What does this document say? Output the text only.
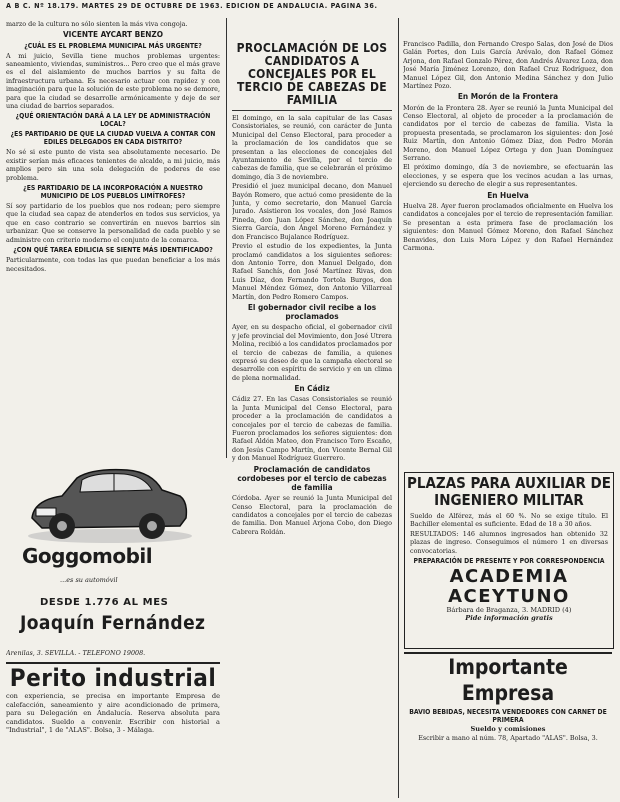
A B C. Nº 18.179. MARTES 29 DE OCTUBRE DE 1963. EDICION DE ANDALUCIA. PAGINA 36.

marzo de la cultura no sólo sienten la más viva congoja.

VICENTE AYCART BENZO
¿CUÁL ES EL PROBLEMA MUNICIPAL MÁS URGENTE?

A mi juicio, Sevilla tiene muchos problemas urgentes: saneamiento, viviendas, suministros... Pero creo que el más grave es el del aislamiento de muchos barrios y su falta de infraestructura urbana. Es necesario actuar con rapidez y con imaginación para que la solución de este problema no se demore, para que la ciudad se desarrolle armónicamente y deje de ser una ciudad de barrios separados.

¿QUÉ ORIENTACIÓN DARÁ A LA LEY DE ADMINISTRACIÓN LOCAL?
¿ES PARTIDARIO DE QUE LA CIUDAD VUELVA A CONTAR CON EDILES DELEGADOS EN CADA DISTRITO?

No sé si este punto de vista sea absolutamente necesario. De existir serían más eficaces tenientes de alcalde, a mi juicio, más amplios pero sin una sola delegación de poderes de ese problema.

¿ES PARTIDARIO DE LA INCORPORACIÓN A NUESTRO MUNICIPIO DE LOS PUEBLOS LIMÍTROFES?

Sí soy partidario de los pueblos que nos rodean; pero siempre que la ciudad sea capaz de atenderlos en todos sus servicios, ya que en caso contrario se convertirán en nuevos barrios sin urbanizar. Que se conserve la personalidad de cada pueblo y se administre con criterio moderno el conjunto de la comarca.

¿CON QUÉ TAREA EDILICIA SE SIENTE MÁS IDENTIFICADO?

Particularmente, con todas las que puedan beneficiar a los más necesitados.

Goggomobil
...es su automóvil
DESDE 1.776 AL MES
Joaquín Fernández
Arenilas, 3. SEVILLA. - TELEFONO 19008.
Perito industrial

con experiencia, se precisa en importante Empresa de calefacción, saneamiento y aire acondicionado de primera, para su Delegación en Andalucía. Reserva absoluta para candidatos. Sueldo a convenir. Escribir con historial a "Industrial", 1 de "ALAS". Bolsa, 3 - Málaga.

PROCLAMACIÓN DE LOS CANDIDATOS A CONCEJALES POR EL TERCIO DE CABEZAS DE FAMILIA

El domingo, en la sala capitular de las Casas Consistoriales, se reunió, con carácter de Junta Municipal del Censo Electoral, para proceder a la proclamación de los candidatos que se presentan a las elecciones de concejales del Ayuntamiento de Sevilla, por el tercio de cabezas de familia, que se celebrarán el próximo domingo, día 3 de noviembre.

Presidió el juez municipal decano, don Manuel Bayón Romero, que actuó como presidente de la Junta, y como secretario, don Manuel García Jurado. Asistieron los vocales, don José Ramos Pineda, don Juan López Sánchez, don Joaquín Sierra García, don Ángel Moreno Fernández y don Francisco Bujalance Rodríguez.

Previo el estudio de los expedientes, la Junta proclamó candidatos a los siguientes señores: don Antonio Torre, don Manuel Delgado, don Rafael Sanchís, don José Martínez Rivas, don Luis Díaz, don Fernando Tortola Burgos, don Manuel Méndez Gómez, don Antonio Villarreal Martín, don Pedro Romero Campos.

El gobernador civil recibe a los proclamados

Ayer, en su despacho oficial, el gobernador civil y jefe provincial del Movimiento, don José Utrera Molina, recibió a los candidatos proclamados por el tercio de cabezas de familia, a quienes expresó su deseo de que la campaña electoral se desarrolle con espíritu de servicio y en un clima de plena normalidad.

En Cádiz

Cádiz 27. En las Casas Consistoriales se reunió la Junta Municipal del Censo Electoral, para proceder a la proclamación de candidatos a concejales por el tercio de cabezas de familia. Fueron proclamados los señores siguientes: don Rafael Aldón Mateo, don Francisco Toro Escaño, don Jesús Campo Martín, don Vicente Bernal Gil y don Manuel Rodríguez Guerrero.

Proclamación de candidatos cordobeses por el tercio de cabezas de familia

Córdoba. Ayer se reunió la Junta Municipal del Censo Electoral, para la proclamación de candidatos a concejales por el tercio de cabezas de familia. Don Manuel Arjona Cobo, don Diego Cabrera Roldán.

Francisco Padilla, don Fernando Crespo Salas, don José de Dios Galán Portes, don Luis García Arévalo, don Rafael Gómez Arjona, don Rafael Gonzalo Pérez, don Andrés Álvarez Loza, don José María Jiménez Lorenzo, don Rafael Cruz Rodríguez, don Manuel López Gil, don Antonio Medina Sánchez y don Julio Martínez Pozo.

En Morón de la Frontera

Morón de la Frontera 28. Ayer se reunió la Junta Municipal del Censo Electoral, al objeto de proceder a la proclamación de candidatos por el tercio de cabezas de familia. Vista la propuesta presentada, se proclamaron los siguientes: don José Ruiz Martín, don Antonio Gómez Díaz, don Pedro Morán Moreno, don Manuel López Ortega y don Juan Domínguez Serrano.

El próximo domingo, día 3 de noviembre, se efectuarán las elecciones, y se espera que los vecinos acudan a las urnas, ejerciendo su derecho de elegir a sus representantes.

En Huelva

Huelva 28. Ayer fueron proclamados oficialmente en Huelva los candidatos a concejales por el tercio de representación familiar. Se presentan a esta primera fase de proclamación los siguientes: don Manuel Gómez Moreno, don Rafael Sánchez Benavides, don Luis Mora López y don Rafael Hernández Carmona.

PLAZAS PARA AUXILIAR DE INGENIERO MILITAR

Sueldo de Alférez, más el 60 %. No se exige título. El Bachiller elemental es suficiente. Edad de 18 a 30 años.

RESULTADOS: 146 alumnos ingresados han obtenido 32 plazas de ingreso. Conseguimos el número 1 en diversas convocatorias.

PREPARACIÓN DE PRESENTE Y POR CORRESPONDENCIA
ACADEMIA
ACEYTUNO
Bárbara de Braganza, 3. MADRID (4)
Pide información gratis
Importante Empresa
BAVIO BEBIDAS, NECESITA VENDEDORES CON CARNET DE PRIMERA
Sueldo y comisiones

Escribir a mano al núm. 78, Apartado "ALAS". Bolsa, 3.
